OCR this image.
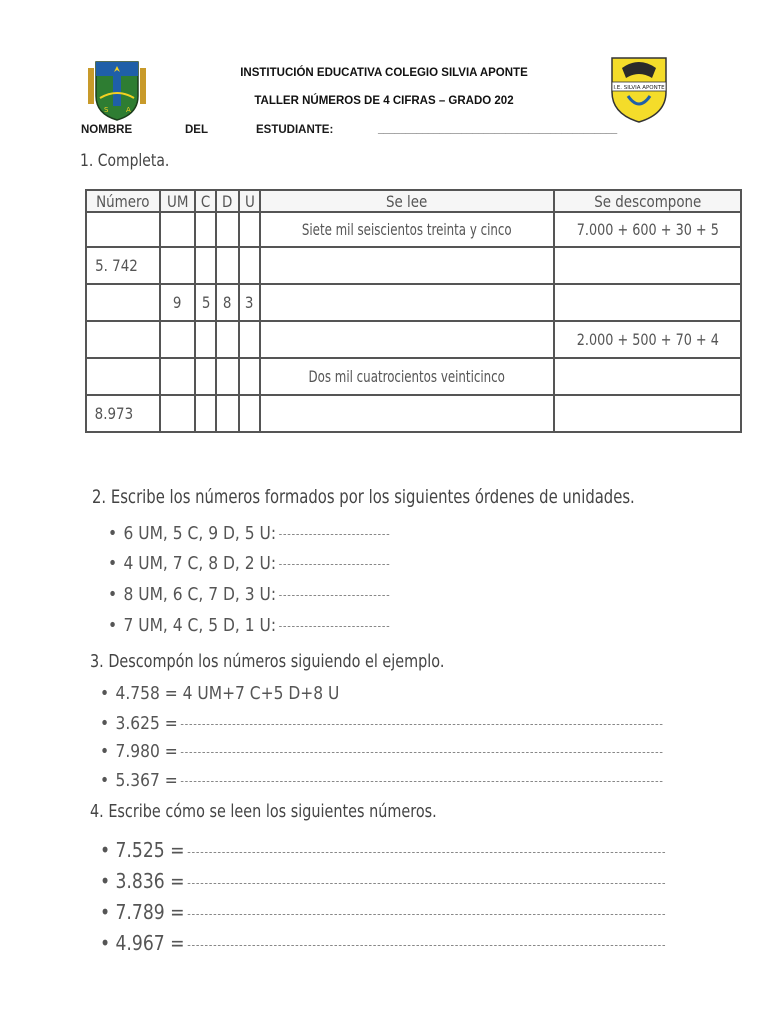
S	A
I.E. SILVIA APONTE
INSTITUCIÓN EDUCATIVA COLEGIO SILVIA APONTE
TALLER NÚMEROS DE 4 CIFRAS – GRADO 202
NOMBRE	DEL	ESTUDIANTE:	___________________________________________
1. Completa.
Número	UM	C	D	U	Se lee	Se descompone
					Siete mil seiscientos treinta y cinco	7.000 + 600 + 30 + 5
5. 742						
	9	5	8	3		
						2.000 + 500 + 70 + 4
					Dos mil cuatrocientos veinticinco	
8.973						
2. Escribe los números formados por los siguientes órdenes de unidades.
• 6 UM, 5 C, 9 D, 5 U:
• 4 UM, 7 C, 8 D, 2 U:
• 8 UM, 6 C, 7 D, 3 U:
• 7 UM, 4 C, 5 D, 1 U:
3. Descompón los números siguiendo el ejemplo.
• 4.758 = 4 UM+7 C+5 D+8 U
• 3.625 =
• 7.980 =
• 5.367 =
4. Escribe cómo se leen los siguientes números.
• 7.525 =
• 3.836 =
• 7.789 =
• 4.967 =
